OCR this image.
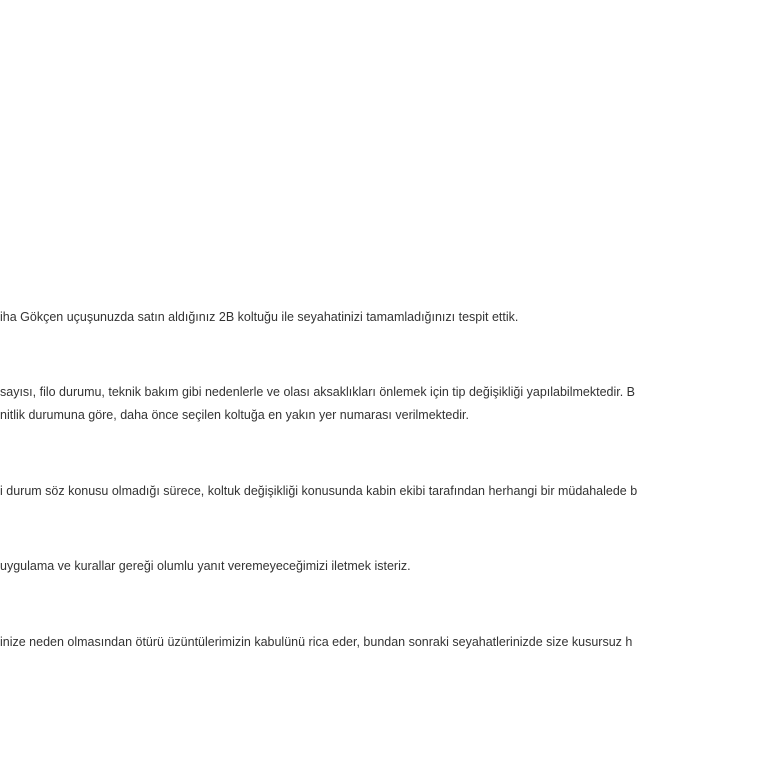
iha Gökçen uçuşunuzda satın aldığınız 2B koltuğu ile seyahatinizi tamamladığınızı tespit ettik.

sayısı, filo durumu, teknik bakım gibi nedenlerle ve olası aksaklıkları önlemek için tip değişikliği yapılabilmektedir. B

nitlik durumuna göre, daha önce seçilen koltuğa en yakın yer numarası verilmektedir.

i durum söz konusu olmadığı sürece, koltuk değişikliği konusunda kabin ekibi tarafından herhangi bir müdahalede b

uygulama ve kurallar gereği olumlu yanıt veremeyeceğimizi iletmek isteriz.

inize neden olmasından ötürü üzüntülerimizin kabulünü rica eder, bundan sonraki seyahatlerinizde size kusursuz h
